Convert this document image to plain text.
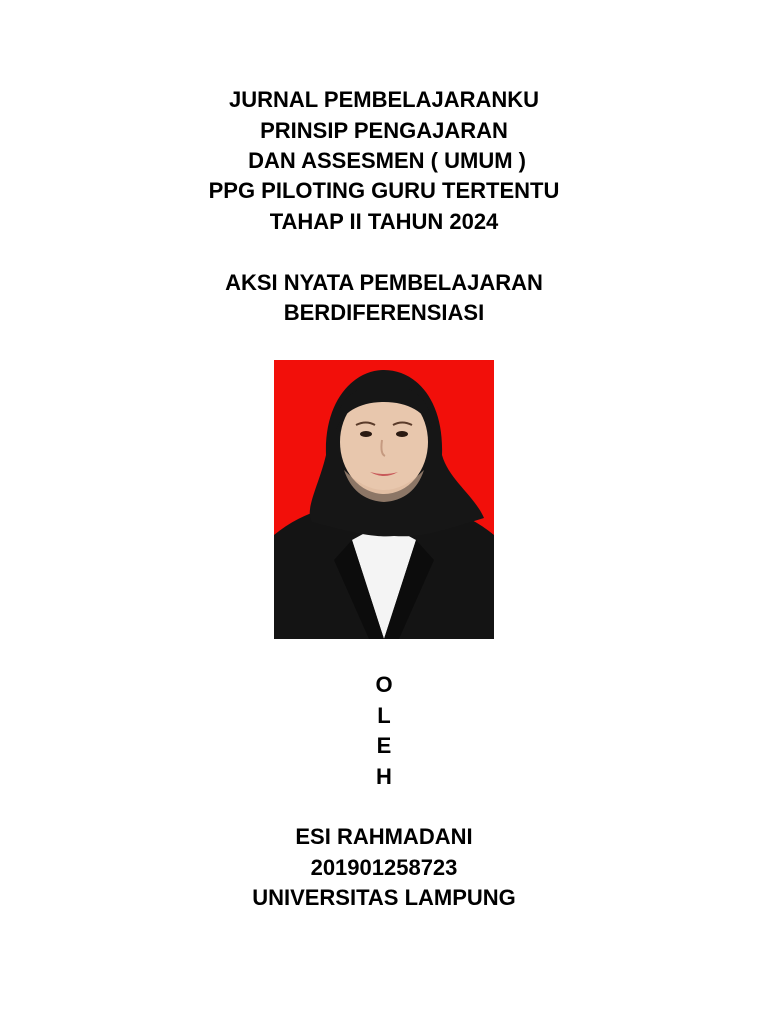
JURNAL PEMBELAJARANKU
PRINSIP PENGAJARAN
DAN ASSESMEN ( UMUM )
PPG PILOTING GURU TERTENTU
TAHAP II TAHUN 2024
AKSI NYATA PEMBELAJARAN
BERDIFERENSIASI
O
L
E
H
ESI RAHMADANI
201901258723
UNIVERSITAS LAMPUNG
